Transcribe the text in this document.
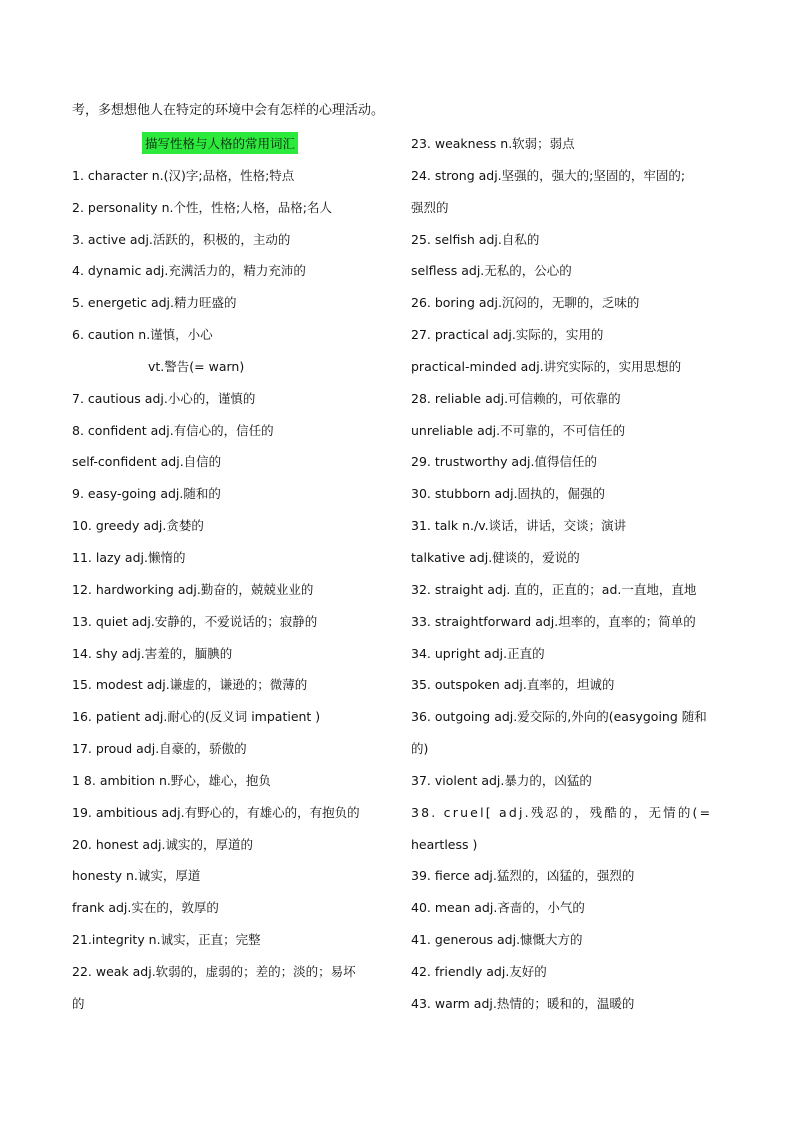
考，多想想他人在特定的环境中会有怎样的心理活动。
描写性格与人格的常用词汇
1. character n.(汉)字;品格，性格;特点
2. personality n.个性，性格;人格，品格;名人
3. active adj.活跃的，积极的，主动的
4. dynamic adj.充满活力的，精力充沛的
5. energetic adj.精力旺盛的
6. caution n.谨慎，小心
vt.警告(= warn)
7. cautious adj.小心的，谨慎的
8. confident adj.有信心的，信任的
self-confident adj.自信的
9. easy-going adj.随和的
10. greedy adj.贪婪的
11. lazy adj.懒惰的
12. hardworking adj.勤奋的，兢兢业业的
13. quiet adj.安静的，不爱说话的；寂静的
14. shy adj.害羞的，腼腆的
15. modest adj.谦虚的，谦逊的；微薄的
16. patient adj.耐心的(反义词 impatient )
17. proud adj.自豪的，骄傲的
1 8. ambition n.野心，雄心，抱负
19. ambitious adj.有野心的，有雄心的，有抱负的
20. honest adj.诚实的，厚道的
honesty n.诚实，厚道
frank adj.实在的，敦厚的
21.integrity n.诚实，正直；完整
22. weak adj.软弱的，虚弱的；差的；淡的；易坏
的
23. weakness n.软弱；弱点
24. strong adj.坚强的，强大的;坚固的，牢固的;
强烈的
25. selfish adj.自私的
selfless adj.无私的，公心的
26. boring adj.沉闷的，无聊的，乏味的
27. practical adj.实际的，实用的
practical-minded adj.讲究实际的，实用思想的
28. reliable adj.可信赖的，可依靠的
unreliable adj.不可靠的，不可信任的
29. trustworthy adj.值得信任的
30. stubborn adj.固执的，倔强的
31. talk n./v.谈话，讲话，交谈；演讲
talkative adj.健谈的，爱说的
32. straight adj. 直的，正直的；ad.一直地，直地
33. straightforward adj.坦率的，直率的；简单的
34. upright adj.正直的
35. outspoken adj.直率的，坦诚的
36. outgoing adj.爱交际的,外向的(easygoing 随和
的)
37. violent adj.暴力的，凶猛的
38. cruel[ adj.残忍的，残酷的，无情的(=
heartless )
39. fierce adj.猛烈的，凶猛的，强烈的
40. mean adj.吝啬的，小气的
41. generous adj.慷慨大方的
42. friendly adj.友好的
43. warm adj.热情的；暖和的，温暖的
